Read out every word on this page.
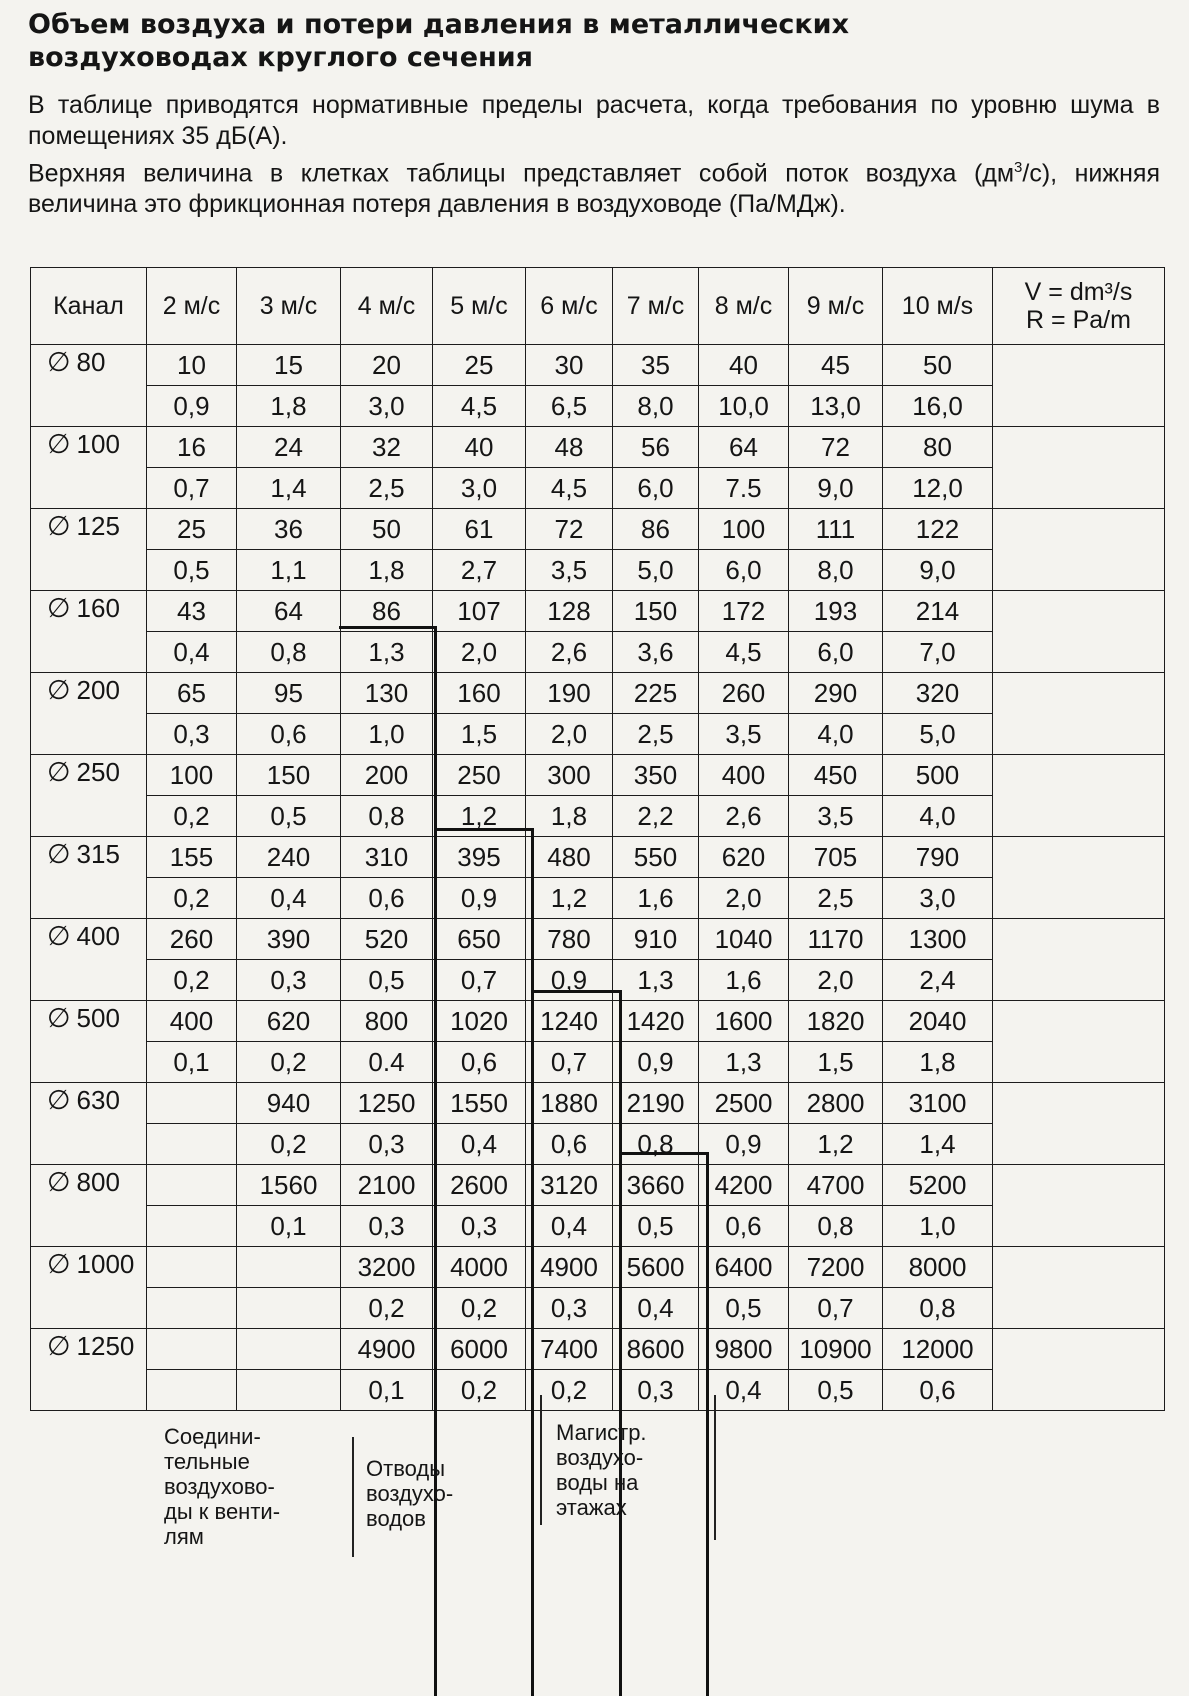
Объем воздуха и потери давления в металлических
воздуховодах круглого сечения

В таблице приводятся нормативные пределы расчета, когда требования по уровню шума в помещениях 35 дБ(А).

Верхняя величина в клетках таблицы представляет собой поток воздуха $(дм^3/с)$, нижняя величина это фрикционная потеря давления в воздуховоде (Па/МДж).

Канал	2 м/с	3 м/с	4 м/с	5 м/с	6 м/с	7 м/с	8 м/с	9 м/с	10 м/s	V = dm³/s
R = Pa/m

∅ 80	10	15	20	25	30	35	40	45	50	
	0,9	1,8	3,0	4,5	6,5	8,0	10,0	13,0	16,0	
∅ 100	16	24	32	40	48	56	64	72	80	
	0,7	1,4	2,5	3,0	4,5	6,0	7.5	9,0	12,0	
∅ 125	25	36	50	61	72	86	100	111	122	
	0,5	1,1	1,8	2,7	3,5	5,0	6,0	8,0	9,0	
∅ 160	43	64	86	107	128	150	172	193	214	
	0,4	0,8	1,3	2,0	2,6	3,6	4,5	6,0	7,0	
∅ 200	65	95	130	160	190	225	260	290	320	
	0,3	0,6	1,0	1,5	2,0	2,5	3,5	4,0	5,0	
∅ 250	100	150	200	250	300	350	400	450	500	
	0,2	0,5	0,8	1,2	1,8	2,2	2,6	3,5	4,0	
∅ 315	155	240	310	395	480	550	620	705	790	
	0,2	0,4	0,6	0,9	1,2	1,6	2,0	2,5	3,0	
∅ 400	260	390	520	650	780	910	1040	1170	1300	
	0,2	0,3	0,5	0,7	0,9	1,3	1,6	2,0	2,4	
∅ 500	400	620	800	1020	1240	1420	1600	1820	2040	
	0,1	0,2	0.4	0,6	0,7	0,9	1,3	1,5	1,8	
∅ 630		940	1250	1550	1880	2190	2500	2800	3100	
		0,2	0,3	0,4	0,6	0,8	0,9	1,2	1,4	
∅ 800		1560	2100	2600	3120	3660	4200	4700	5200	
		0,1	0,3	0,3	0,4	0,5	0,6	0,8	1,0	
∅ 1000			3200	4000	4900	5600	6400	7200	8000	
			0,2	0,2	0,3	0,4	0,5	0,7	0,8	
∅ 1250			4900	6000	7400	8600	9800	10900	12000	
			0,1	0,2	0,2	0,3	0,4	0,5	0,6	

Соедини-
тельные
воздухово-
ды к венти-
лям

Отводы
воздухо-
водов

Магистр.
воздухо-
воды на
этажах
